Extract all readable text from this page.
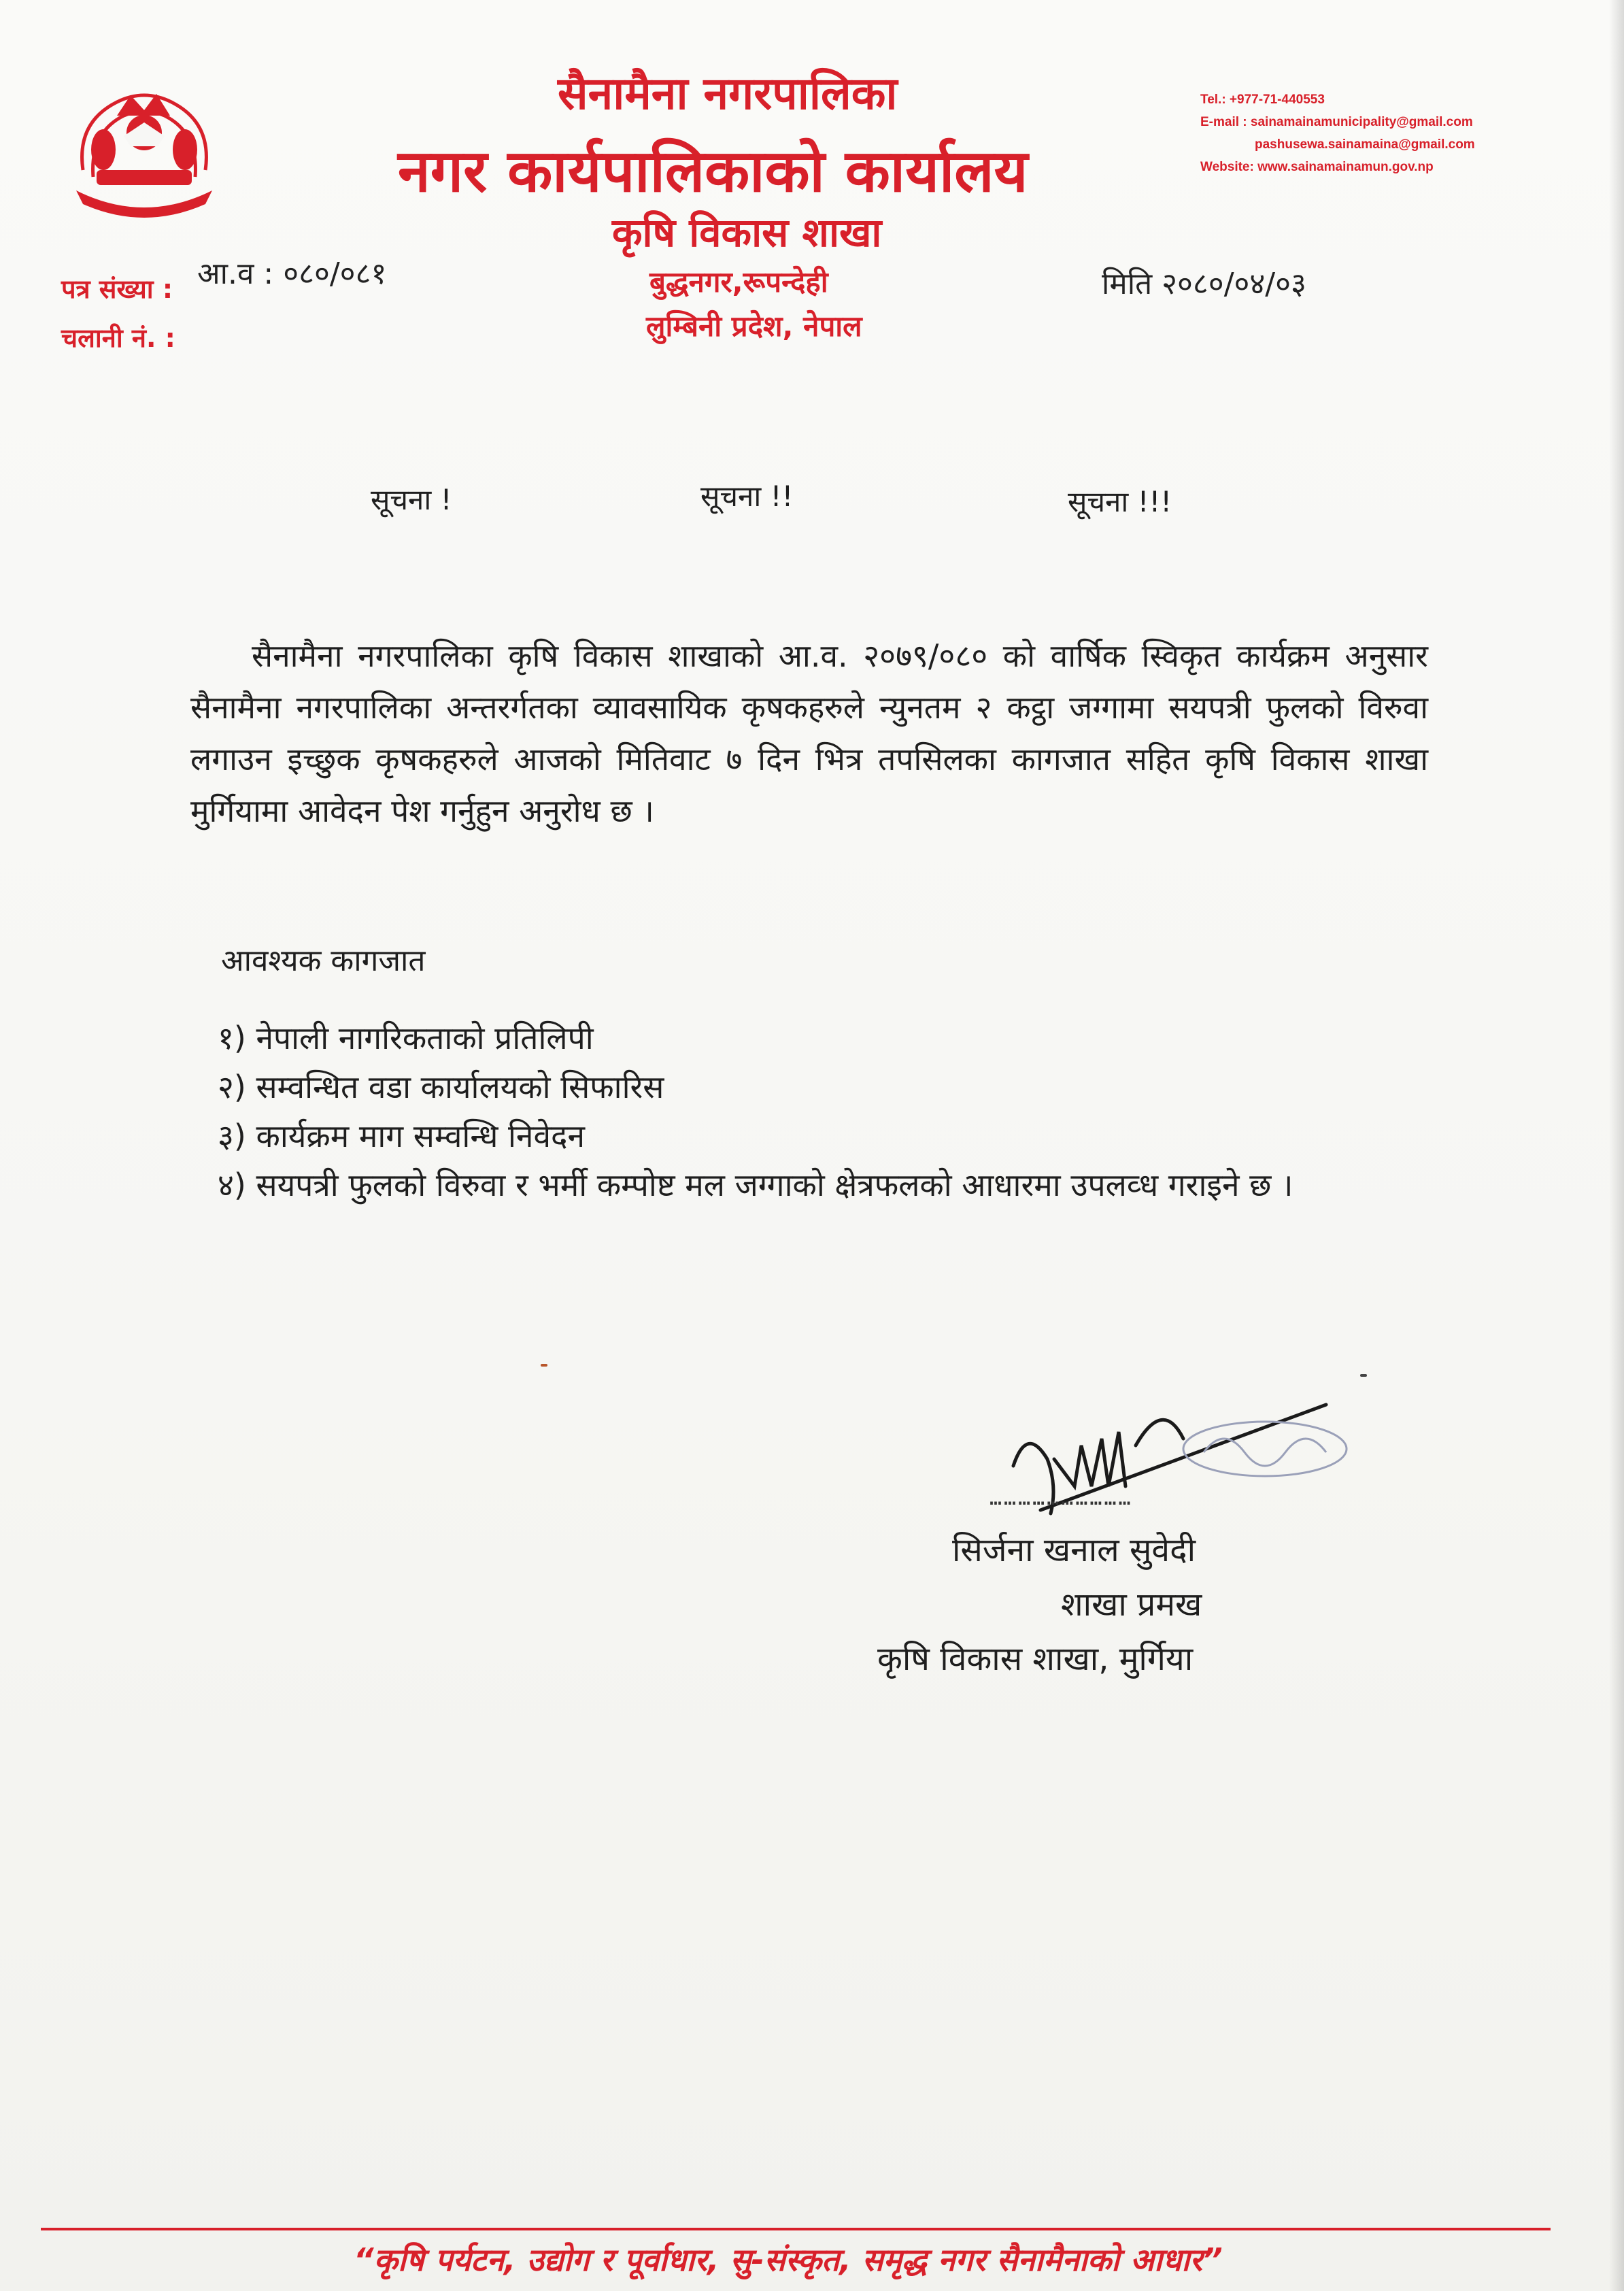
सैनामैना नगरपालिका
नगर कार्यपालिकाको कार्यालय
कृषि विकास शाखा
बुद्धनगर,रूपन्देही
लुम्बिनी प्रदेश, नेपाल
Tel.: +977-71-440553
E-mail : sainamainamunicipality@gmail.com
pashusewa.sainamaina@gmail.com
Website: www.sainamainamun.gov.np
पत्र संख्या : आ.व : ०८०/०८१
चलानी नं. :
मिति २०८०/०४/०३
सूचना !	सूचना !!	सूचना !!!

सैनामैना नगरपालिका कृषि विकास शाखाको आ.व. २०७९/०८० को वार्षिक स्विकृत कार्यक्रम अनुसार सैनामैना नगरपालिका अन्तरर्गतका व्यावसायिक कृषकहरुले न्युनतम २ कट्ठा जग्गामा सयपत्री फुलको विरुवा लगाउन इच्छुक कृषकहरुले आजको मितिवाट ७ दिन भित्र तपसिलका कागजात सहित कृषि विकास शाखा मुर्गियामा आवेदन पेश गर्नुहुन अनुरोध छ ।

आवश्यक कागजात
१) नेपाली नागरिकताको प्रतिलिपी
२) सम्वन्धित वडा कार्यालयको सिफारिस
३) कार्यक्रम माग सम्वन्धि निवेदन
४) सयपत्री फुलको विरुवा र भर्मी कम्पोष्ट मल जग्गाको क्षेत्रफलको आधारमा उपलव्ध गराइने छ ।
…………………………
सिर्जना खनाल सुवेदी
शाखा प्रमख
कृषि विकास शाखा, मुर्गिया
“कृषि पर्यटन, उद्योग र पूर्वाधार, सु-संस्कृत, समृद्ध नगर सैनामैनाको आधार”
